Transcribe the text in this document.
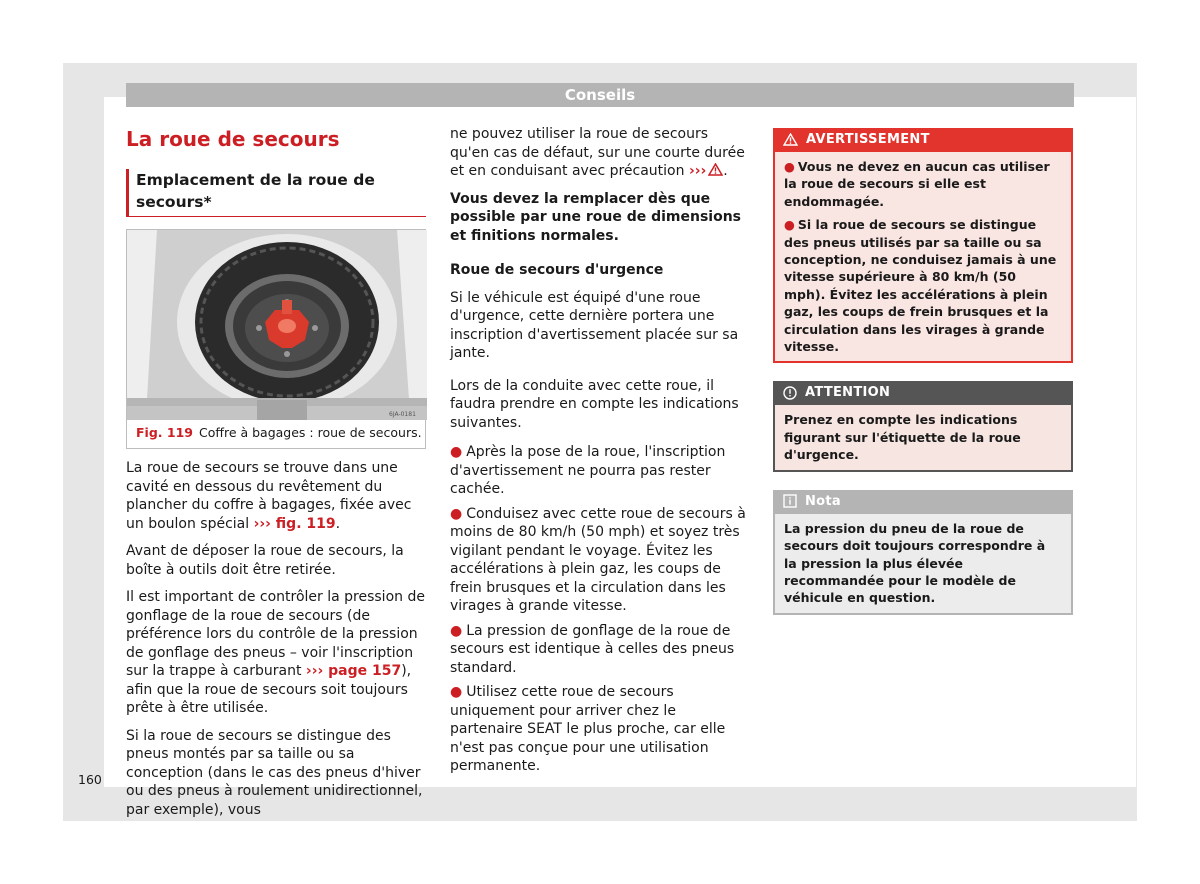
Conseils
La roue de secours
Emplacement de la roue de secours*
6JA-0181
Fig. 119 Coffre à bagages : roue de secours.

La roue de secours se trouve dans une cavité en dessous du revêtement du plancher du coffre à bagages, fixée avec un boulon spécial ››› fig. 119.

Avant de déposer la roue de secours, la boîte à outils doit être retirée.

Il est important de contrôler la pression de gonflage de la roue de secours (de préférence lors du contrôle de la pression de gonflage des pneus – voir l'inscription sur la trappe à carburant ››› page 157), afin que la roue de secours soit toujours prête à être utilisée.

Si la roue de secours se distingue des pneus montés par sa taille ou sa conception (dans le cas des pneus d'hiver ou des pneus à roulement unidirectionnel, par exemple), vous

ne pouvez utiliser la roue de secours qu'en cas de défaut, sur une courte durée et en conduisant avec précaution ››› .

Vous devez la remplacer dès que possible par une roue de dimensions et finitions normales.

Roue de secours d'urgence

Si le véhicule est équipé d'une roue d'urgence, cette dernière portera une inscription d'avertissement placée sur sa jante.

Lors de la conduite avec cette roue, il faudra prendre en compte les indications suivantes.

● Après la pose de la roue, l'inscription d'avertissement ne pourra pas rester cachée.
● Conduisez avec cette roue de secours à moins de 80 km/h (50 mph) et soyez très vigilant pendant le voyage. Évitez les accélérations à plein gaz, les coups de frein brusques et la circulation dans les virages à grande vitesse.
● La pression de gonflage de la roue de secours est identique à celles des pneus standard.
● Utilisez cette roue de secours uniquement pour arriver chez le partenaire SEAT le plus proche, car elle n'est pas conçue pour une utilisation permanente.
AVERTISSEMENT
● Vous ne devez en aucun cas utiliser la roue de secours si elle est endommagée.
● Si la roue de secours se distingue des pneus utilisés par sa taille ou sa conception, ne conduisez jamais à une vitesse supérieure à 80 km/h (50 mph). Évitez les accélérations à plein gaz, les coups de frein brusques et la circulation dans les virages à grande vitesse.
ATTENTION
Prenez en compte les indications figurant sur l'étiquette de la roue d'urgence.
Nota
La pression du pneu de la roue de secours doit toujours correspondre à la pression la plus élevée recommandée pour le modèle de véhicule en question.
160
